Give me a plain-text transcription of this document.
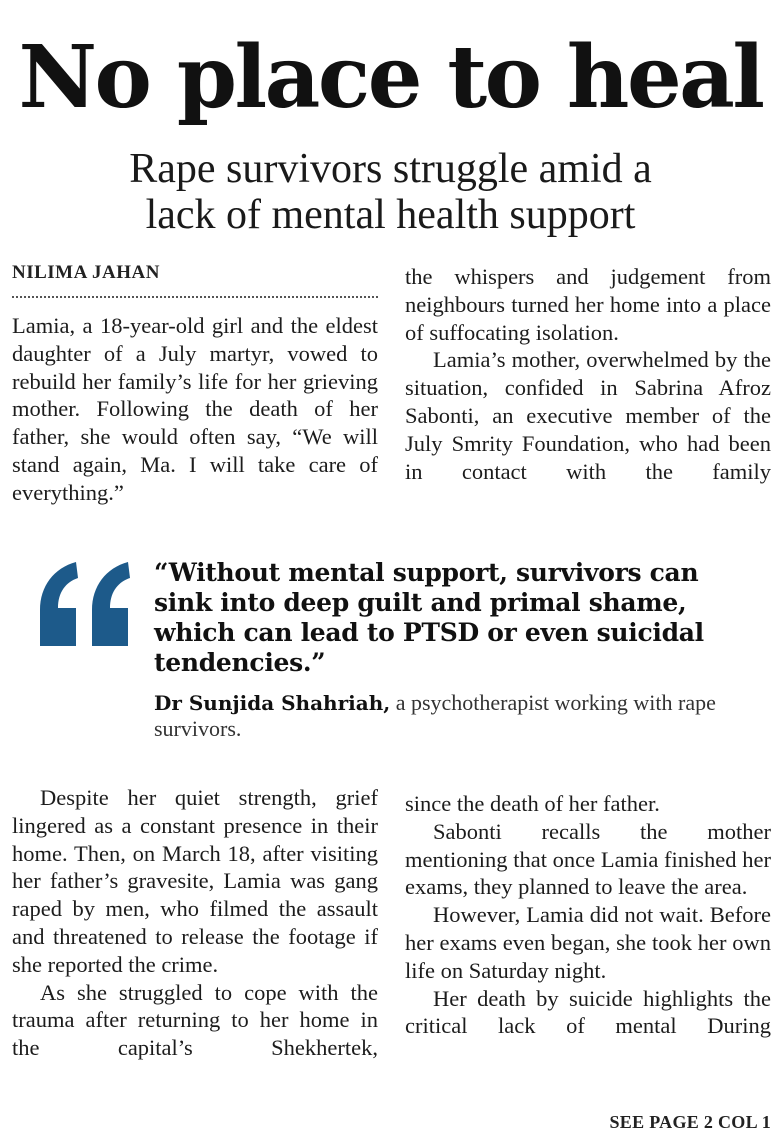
No place to heal
Rape survivors struggle amid a
lack of mental health support
NILIMA JAHAN

Lamia, a 18-year-old girl and the eldest daughter of a July martyr, vowed to rebuild her family’s life for her grieving mother. Following the death of her father, she would often say, “We will stand again, Ma. I will take care of everything.”

the whispers and judgement from neighbours turned her home into a place of suffocating isolation.

Lamia’s mother, overwhelmed by the situation, confided in Sabrina Afroz Sabonti, an executive member of the July Smrity Foundation, who had been in contact with the family

“Without mental support, survivors can sink into deep guilt and primal shame, which can lead to PTSD or even suicidal tendencies.”

Dr Sunjida Shahriah, a psychotherapist working with rape survivors.

Despite her quiet strength, grief lingered as a constant presence in their home. Then, on March 18, after visiting her father’s gravesite, Lamia was gang raped by men, who filmed the assault and threatened to release the footage if she reported the crime.

As she struggled to cope with the trauma after returning to her home in the capital’s Shekhertek,

since the death of her father.

Sabonti recalls the mother mentioning that once Lamia finished her exams, they planned to leave the area.

However, Lamia did not wait. Before her exams even began, she took her own life on Saturday night.

Her death by suicide highlights the critical lack of mental During

SEE PAGE 2 COL 1
